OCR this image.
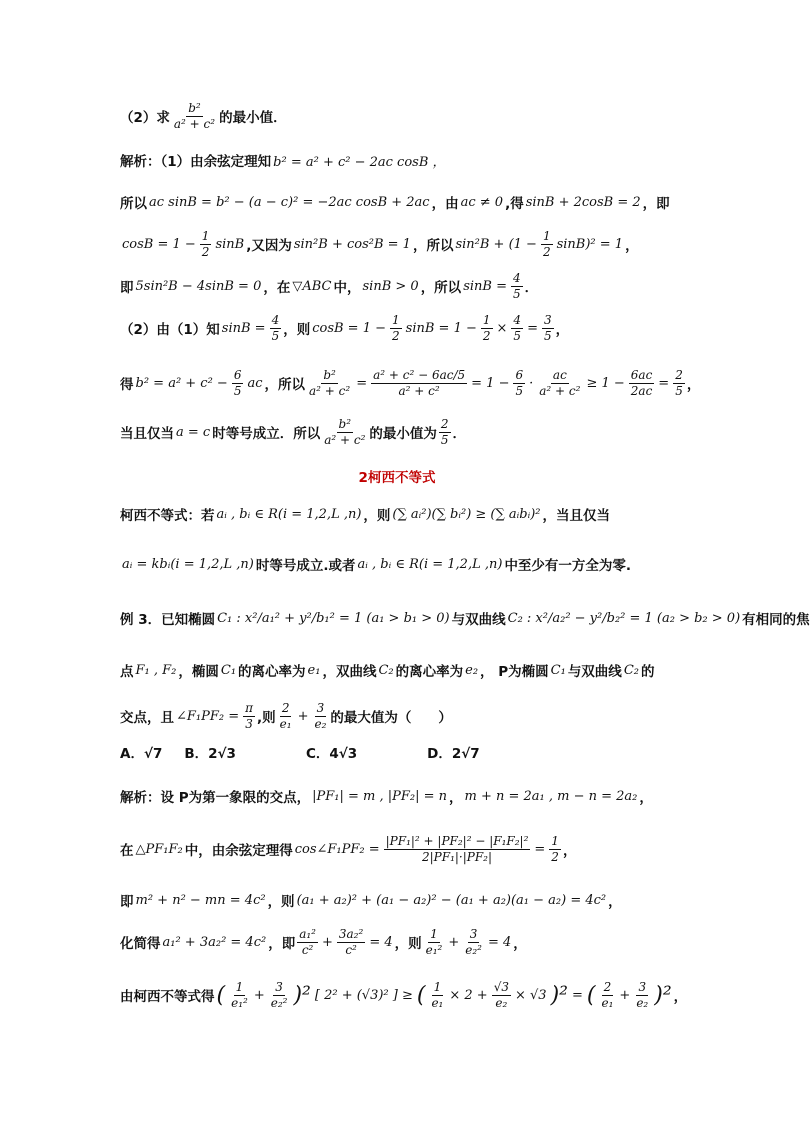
（2）求 $\frac{\text{b²}}{\text{a² + c²}}$ 的最小值．
解析：（1）由余弦定理知 b² = a² + c² − 2ac cosB ，
所以 ac sinB = b² − (a − c)² = −2ac cosB + 2ac ，由 ac ≠ 0 ,得 sinB + 2cosB = 2 ，即
$\cos B = 1 - \frac{1}{2}$ sinB ,又因为 sin²B + cos²B = 1 ，所以 $\sin^2B + (1 - \frac{1}{2} \sin B)^2 = 1$ ，
即 5sin²B − 4sinB = 0 ，在 ▽ABC 中， sinB > 0 ，所以 $\sin B = \frac{4}{5}$ ．
（2）由（1）知 $\sin B = \frac{4}{5}$ ，则 $\cos B = 1 - \frac{1}{2}$ $\sin B = 1 - \frac{1}{2} \times \frac{4}{5} = \frac{3}{5}$ ，
得 $b^2 = a^2 + c^2 - \frac{6}{5}$ ac ，所以 $\frac{\text{b²}}{\text{a² + c²}} = \frac{\text{a² + c² − 6ac/5}}{\text{a² + c²}} = 1 - \frac{6}{5} \cdot \frac{ac}{\text{a² + c²}} \ge 1 - \frac{6ac}{2ac} = \frac{2}{5}$ ，
当且仅当 a = c 时等号成立．所以 $\frac{\text{b²}}{\text{a² + c²}}$ 的最小值为 $\frac{2}{5}$ ．
2柯西不等式
柯西不等式：若 aᵢ , bᵢ ∈ R(i = 1,2,L ,n) ，则 (∑ aᵢ²)(∑ bᵢ²) ≥ (∑ aᵢbᵢ)² ，当且仅当
aᵢ = kbᵢ(i = 1,2,L ,n) 时等号成立.或者 aᵢ , bᵢ ∈ R(i = 1,2,L ,n) 中至少有一方全为零.
例 3．已知椭圆 C₁ : x²/a₁² + y²/b₁² = 1 (a₁ > b₁ > 0) 与双曲线 C₂ : x²/a₂² − y²/b₂² = 1 (a₂ > b₂ > 0) 有相同的焦
点 F₁ , F₂ ，椭圆 C₁ 的离心率为 e₁ ，双曲线 C₂ 的离心率为 e₂ ， P为椭圆 C₁ 与双曲线 C₂ 的
交点，且 ∠F₁PF₂ = $\frac{\pi}{3}$ ,则 $\frac{2}{\text{e₁}} + \frac{3}{\text{e₂}}$ 的最大值为（　　）
A．√7 B．2√3	C．4√3	D．2√7
解析：设 P为第一象限的交点， |PF₁| = m , |PF₂| = n ， m + n = 2a₁ , m − n = 2a₂ ，
在 △PF₁F₂ 中，由余弦定理得 cos∠F₁PF₂ = $\frac{\text{|PF₁|² + |PF₂|² − |F₁F₂|²}}{\text{2|PF₁|·|PF₂|}} = \frac{1}{2}$ ，
即 m² + n² − mn = 4c² ，则 (a₁ + a₂)² + (a₁ − a₂)² − (a₁ + a₂)(a₁ − a₂) = 4c² ，
化简得 a₁² + 3a₂² = 4c² ，即 $\frac{\text{a₁²}}{\text{c²}} + \frac{\text{3a₂²}}{\text{c²}} = 4$ ，则 $\frac{1}{\text{e₁²}} + \frac{3}{\text{e₂²}} = 4$ ，
由柯西不等式得 ( $\frac{1}{\text{e₁²}} + \frac{3}{\text{e₂²}} )^2$ [ 2² + (√3)² ] ≥ ( $\frac{1}{\text{e₁}} \times 2 + \frac{√3}{\text{e₂}} \times √3$ )² = ( $\frac{2}{\text{e₁}} + \frac{3}{\text{e₂}} )^2$ ，
